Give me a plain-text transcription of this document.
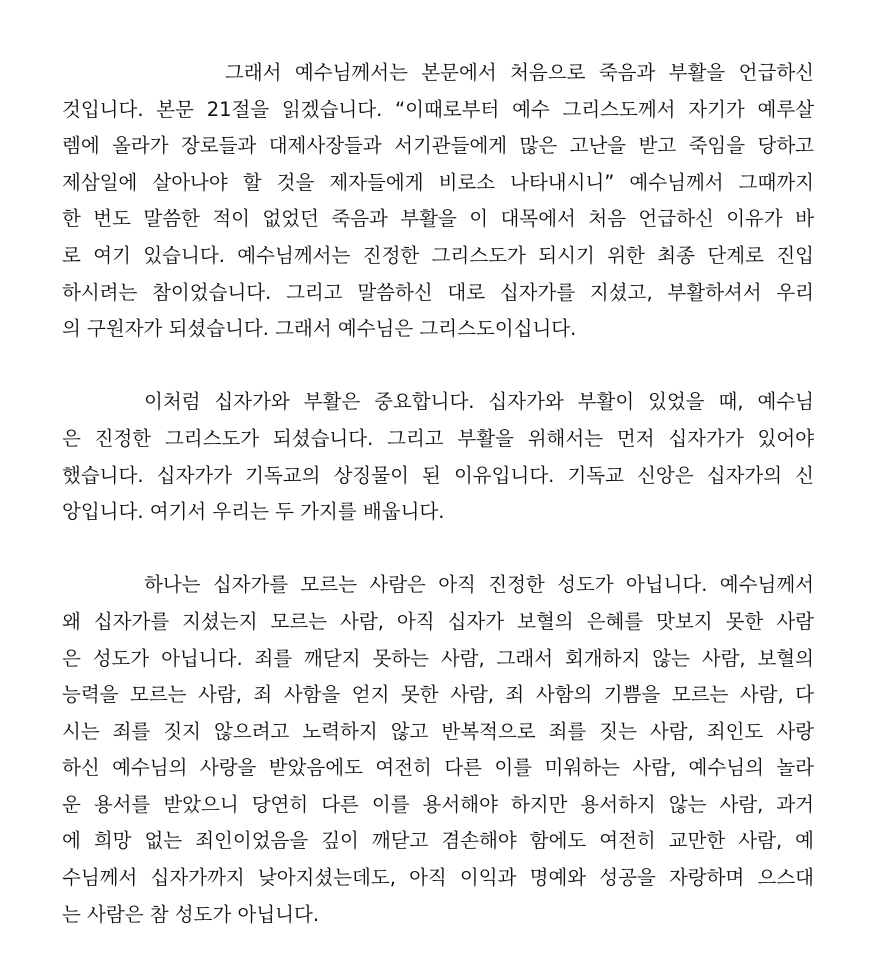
그래서 예수님께서는 본문에서 처음으로 죽음과 부활을 언급하신
것입니다. 본문 21절을 읽겠습니다. “이때로부터 예수 그리스도께서 자기가 예루살
렘에 올라가 장로들과 대제사장들과 서기관들에게 많은 고난을 받고 죽임을 당하고
제삼일에 살아나야 할 것을 제자들에게 비로소 나타내시니” 예수님께서 그때까지
한 번도 말씀한 적이 없었던 죽음과 부활을 이 대목에서 처음 언급하신 이유가 바
로 여기 있습니다. 예수님께서는 진정한 그리스도가 되시기 위한 최종 단계로 진입
하시려는 참이었습니다. 그리고 말씀하신 대로 십자가를 지셨고, 부활하셔서 우리
의 구원자가 되셨습니다. 그래서 예수님은 그리스도이십니다.
이처럼 십자가와 부활은 중요합니다. 십자가와 부활이 있었을 때, 예수님
은 진정한 그리스도가 되셨습니다. 그리고 부활을 위해서는 먼저 십자가가 있어야
했습니다. 십자가가 기독교의 상징물이 된 이유입니다. 기독교 신앙은 십자가의 신
앙입니다. 여기서 우리는 두 가지를 배웁니다.
하나는 십자가를 모르는 사람은 아직 진정한 성도가 아닙니다. 예수님께서
왜 십자가를 지셨는지 모르는 사람, 아직 십자가 보혈의 은혜를 맛보지 못한 사람
은 성도가 아닙니다. 죄를 깨닫지 못하는 사람, 그래서 회개하지 않는 사람, 보혈의
능력을 모르는 사람, 죄 사함을 얻지 못한 사람, 죄 사함의 기쁨을 모르는 사람, 다
시는 죄를 짓지 않으려고 노력하지 않고 반복적으로 죄를 짓는 사람, 죄인도 사랑
하신 예수님의 사랑을 받았음에도 여전히 다른 이를 미워하는 사람, 예수님의 놀라
운 용서를 받았으니 당연히 다른 이를 용서해야 하지만 용서하지 않는 사람, 과거
에 희망 없는 죄인이었음을 깊이 깨닫고 겸손해야 함에도 여전히 교만한 사람, 예
수님께서 십자가까지 낮아지셨는데도, 아직 이익과 명예와 성공을 자랑하며 으스대
는 사람은 참 성도가 아닙니다.
